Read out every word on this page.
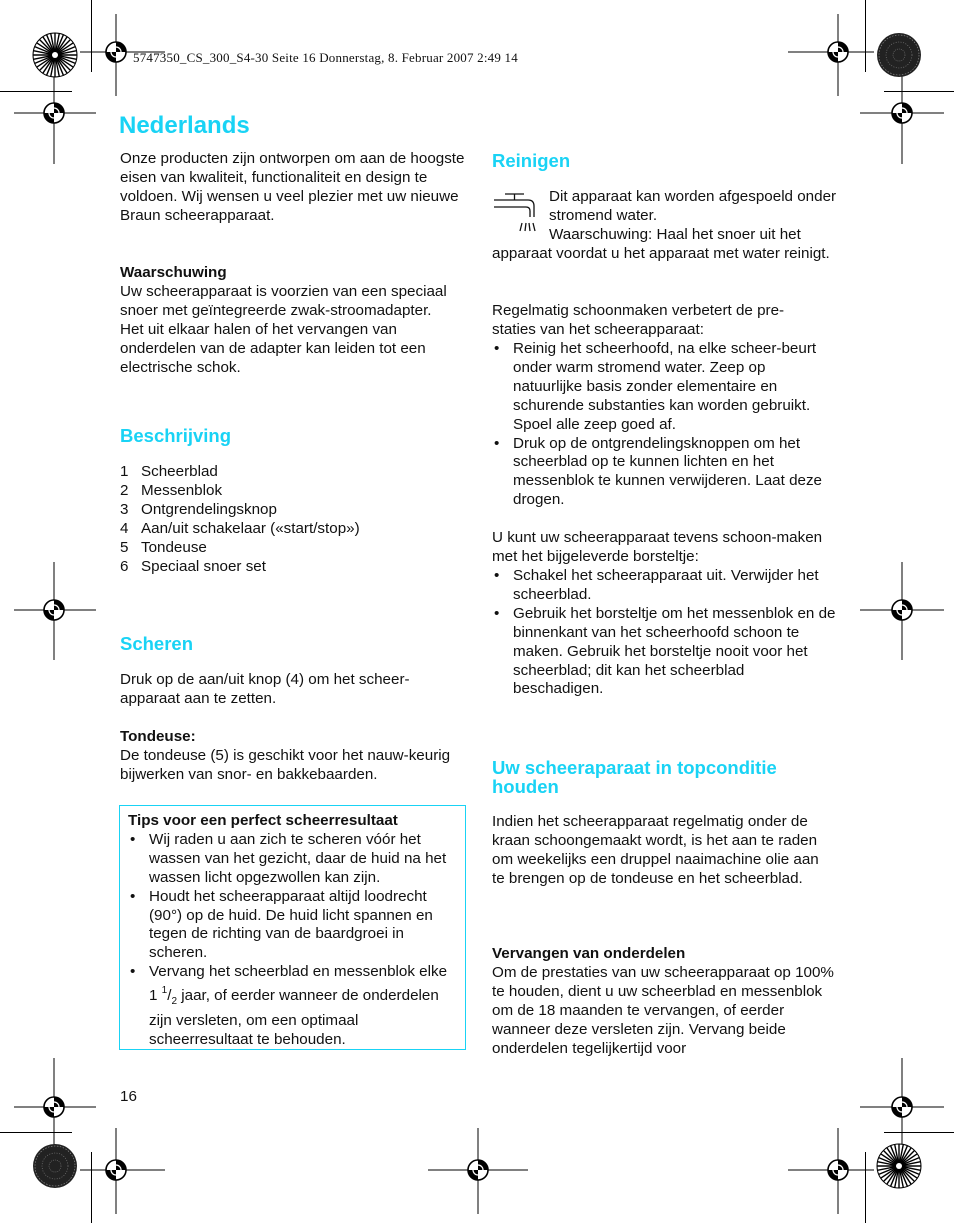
5747350_CS_300_S4-30 Seite 16 Donnerstag, 8. Februar 2007 2:49 14
Nederlands

Onze producten zijn ontworpen om aan de hoogste eisen van kwaliteit, functionaliteit en design te voldoen. Wij wensen u veel plezier met uw nieuwe Braun scheerapparaat.

Waarschuwing

Uw scheerapparaat is voorzien van een speciaal snoer met geïntegreerde zwak-stroomadapter. Het uit elkaar halen of het vervangen van onderdelen van de adapter kan leiden tot een electrische schok.

Beschrijving
1 Scheerblad
2 Messenblok
3 Ontgrendelingsknop
4 Aan/uit schakelaar («start/stop»)
5 Tondeuse
6 Speciaal snoer set
Scheren

Druk op de aan/uit knop (4) om het scheer-apparaat aan te zetten.

Tondeuse:

De tondeuse (5) is geschikt voor het nauw-keurig bijwerken van snor- en bakkebaarden.

Tips voor een perfect scheerresultaat

• Wij raden u aan zich te scheren vóór het wassen van het gezicht, daar de huid na het wassen licht opgezwollen kan zijn.
• Houdt het scheerapparaat altijd loodrecht (90°) op de huid. De huid licht spannen en tegen de richting van de baardgroei in scheren.
• Vervang het scheerblad en messenblok elke 1 $^1/_2$ jaar, of eerder wanneer de onderdelen zijn versleten, om een optimaal scheerresultaat te behouden.
16
Reinigen

Dit apparaat kan worden afgespoeld onder stromend water.

Waarschuwing: Haal het snoer uit het apparaat voordat u het apparaat met water reinigt.

Regelmatig schoonmaken verbetert de pre-staties van het scheerapparaat:

• Reinig het scheerhoofd, na elke scheer-beurt onder warm stromend water. Zeep op natuurlijke basis zonder elementaire en schurende substanties kan worden gebruikt. Spoel alle zeep goed af.
• Druk op de ontgrendelingsknoppen om het scheerblad op te kunnen lichten en het messenblok te kunnen verwijderen. Laat deze drogen.

U kunt uw scheerapparaat tevens schoon-maken met het bijgeleverde borsteltje:

• Schakel het scheerapparaat uit. Verwijder het scheerblad.
• Gebruik het borsteltje om het messenblok en de binnenkant van het scheerhoofd schoon te maken. Gebruik het borsteltje nooit voor het scheerblad; dit kan het scheerblad beschadigen.
Uw scheeraparaat in topconditie houden

Indien het scheerapparaat regelmatig onder de kraan schoongemaakt wordt, is het aan te raden om weekelijks een druppel naaimachine olie aan te brengen op de tondeuse en het scheerblad.

Vervangen van onderdelen

Om de prestaties van uw scheerapparaat op 100% te houden, dient u uw scheerblad en messenblok om de 18 maanden te vervangen, of eerder wanneer deze versleten zijn. Vervang beide onderdelen tegelijkertijd voor
